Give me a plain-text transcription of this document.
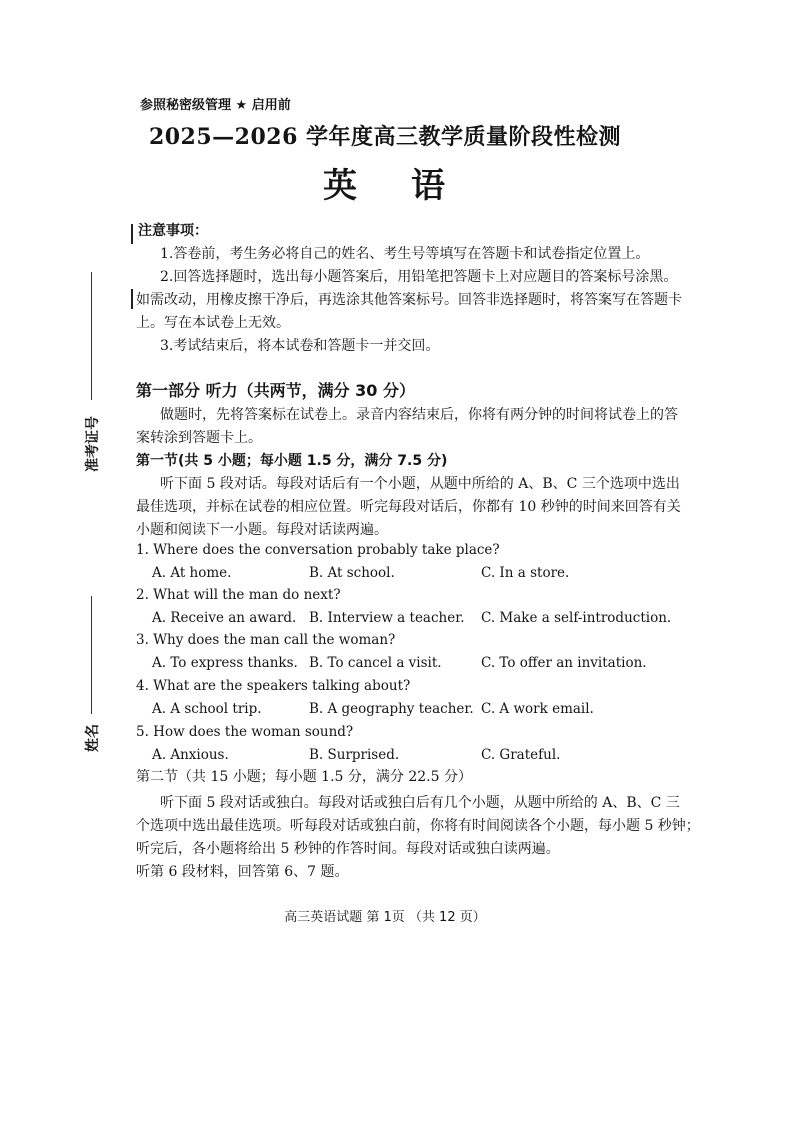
准考证号
姓名
参照秘密级管理 ★ 启用前
2025—2026 学年度高三教学质量阶段性检测
英 语
注意事项：
1.答卷前，考生务必将自己的姓名、考生号等填写在答题卡和试卷指定位置上。
2.回答选择题时，选出每小题答案后，用铅笔把答题卡上对应题目的答案标号涂黑。
如需改动，用橡皮擦干净后，再选涂其他答案标号。回答非选择题时，将答案写在答题卡
上。写在本试卷上无效。
3.考试结束后，将本试卷和答题卡一并交回。
第一部分 听力（共两节，满分 30 分）
做题时，先将答案标在试卷上。录音内容结束后，你将有两分钟的时间将试卷上的答
案转涂到答题卡上。
第一节(共 5 小题；每小题 1.5 分，满分 7.5 分)
听下面 5 段对话。每段对话后有一个小题，从题中所给的 A、B、C 三个选项中选出
最佳选项，并标在试卷的相应位置。听完每段对话后，你都有 10 秒钟的时间来回答有关
小题和阅读下一小题。每段对话读两遍。
1. Where does the conversation probably take place?
A. At home.	B. At school.	C. In a store.
2. What will the man do next?
A. Receive an award. B. Interview a teacher. C. Make a self-introduction.
3. Why does the man call the woman?
A. To express thanks. B. To cancel a visit.	C. To offer an invitation.
4. What are the speakers talking about?
A. A school trip.	B. A geography teacher. C. A work email.
5. How does the woman sound?
A. Anxious.	B. Surprised.	C. Grateful.
第二节（共 15 小题；每小题 1.5 分，满分 22.5 分）
听下面 5 段对话或独白。每段对话或独白后有几个小题，从题中所给的 A、B、C 三
个选项中选出最佳选项。听每段对话或独白前，你将有时间阅读各个小题，每小题 5 秒钟；
听完后，各小题将给出 5 秒钟的作答时间。每段对话或独白读两遍。
听第 6 段材料，回答第 6、7 题。
高三英语试题 第 1页 （共 12 页）
